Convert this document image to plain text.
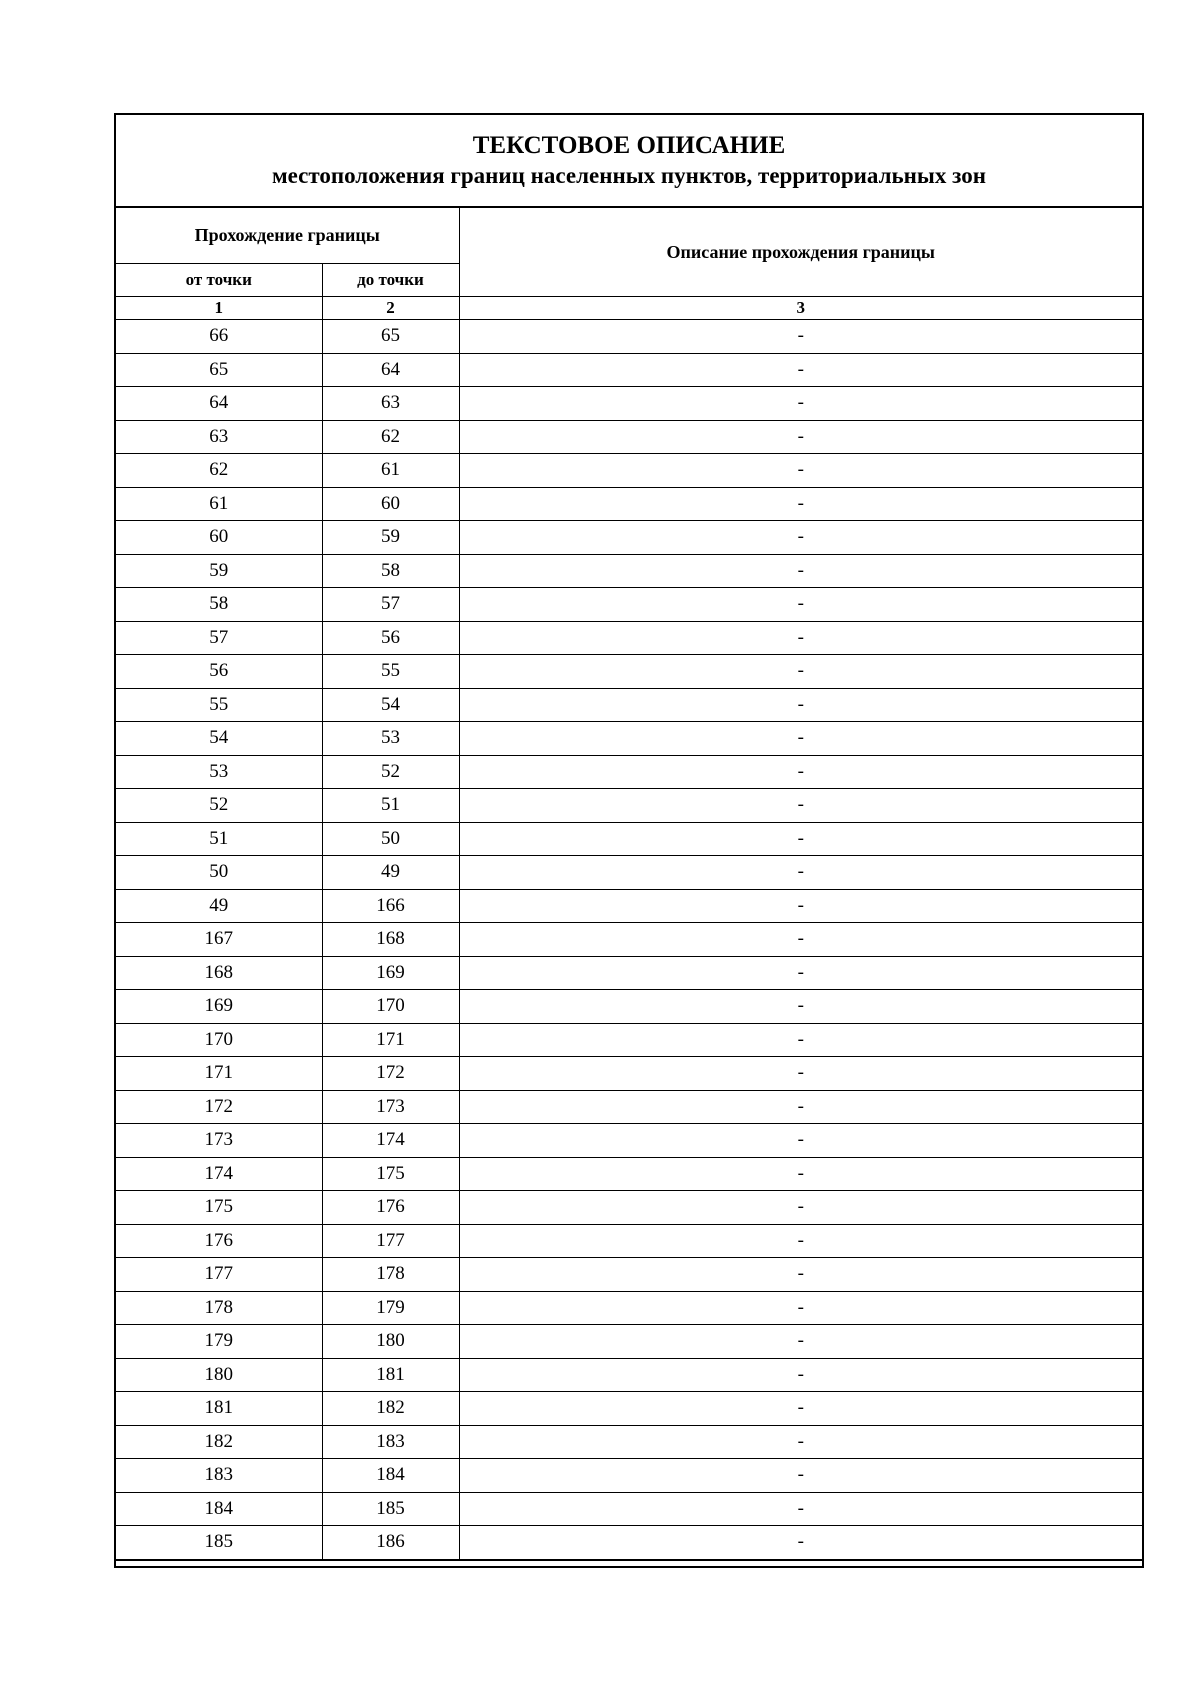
ТЕКСТОВОЕ ОПИСАНИЕ
местоположения границ населенных пунктов, территориальных зон
Прохождение границы		Описание прохождения границы
от точки	до точки	
1	2	3
66	65	-
65	64	-
64	63	-
63	62	-
62	61	-
61	60	-
60	59	-
59	58	-
58	57	-
57	56	-
56	55	-
55	54	-
54	53	-
53	52	-
52	51	-
51	50	-
50	49	-
49	166	-
167	168	-
168	169	-
169	170	-
170	171	-
171	172	-
172	173	-
173	174	-
174	175	-
175	176	-
176	177	-
177	178	-
178	179	-
179	180	-
180	181	-
181	182	-
182	183	-
183	184	-
184	185	-
185	186	-
